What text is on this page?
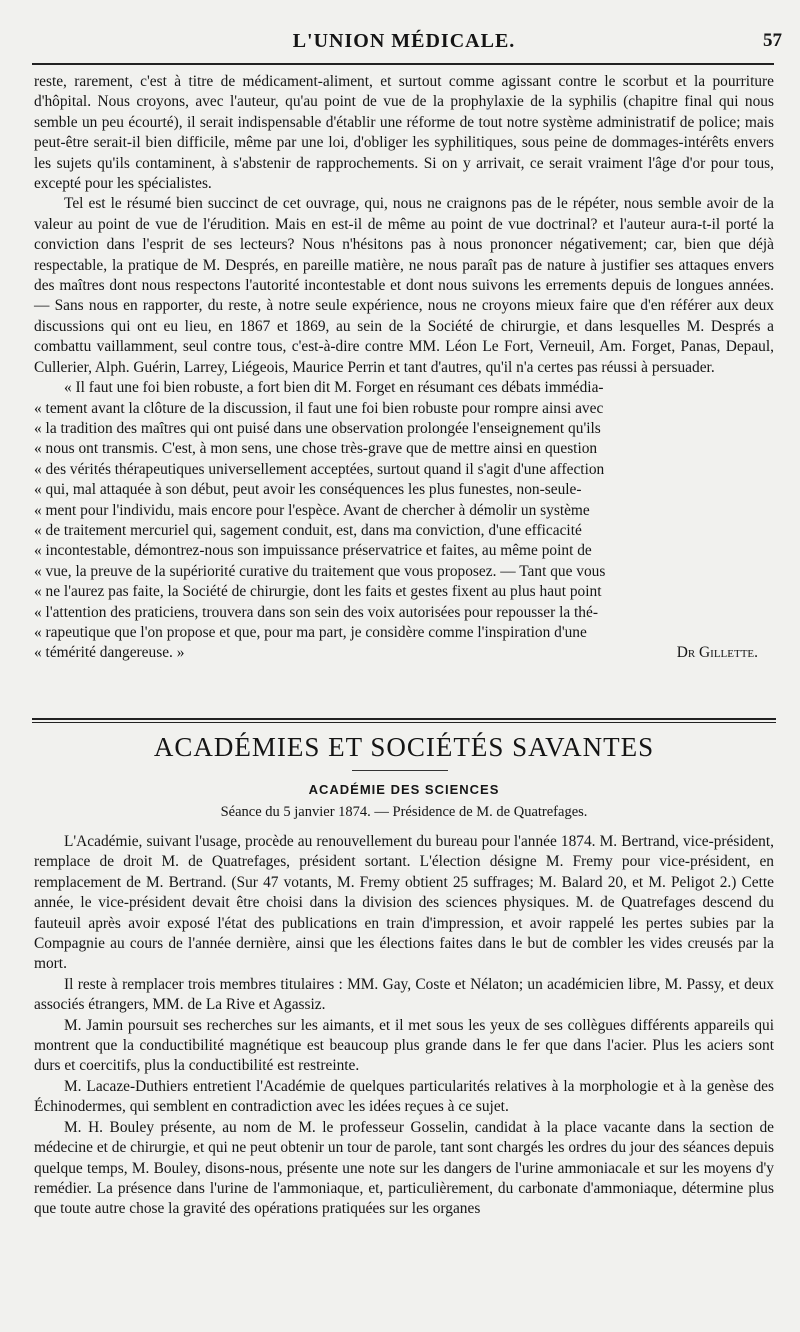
L'UNION MÉDICALE.	57

reste, rarement, c'est à titre de médicament-aliment, et surtout comme agissant contre le scorbut et la pourriture d'hôpital. Nous croyons, avec l'auteur, qu'au point de vue de la prophylaxie de la syphilis (chapitre final qui nous semble un peu écourté), il serait indispensable d'établir une réforme de tout notre système administratif de police; mais peut-être serait-il bien difficile, même par une loi, d'obliger les syphilitiques, sous peine de dommages-intérêts envers les sujets qu'ils contaminent, à s'abstenir de rapprochements. Si on y arrivait, ce serait vraiment l'âge d'or pour tous, excepté pour les spécialistes.

Tel est le résumé bien succinct de cet ouvrage, qui, nous ne craignons pas de le répéter, nous semble avoir de la valeur au point de vue de l'érudition. Mais en est-il de même au point de vue doctrinal? et l'auteur aura-t-il porté la conviction dans l'esprit de ses lecteurs? Nous n'hésitons pas à nous prononcer négativement; car, bien que déjà respectable, la pratique de M. Després, en pareille matière, ne nous paraît pas de nature à justifier ses attaques envers des maîtres dont nous respectons l'autorité incontestable et dont nous suivons les errements depuis de longues années. — Sans nous en rapporter, du reste, à notre seule expérience, nous ne croyons mieux faire que d'en référer aux deux discussions qui ont eu lieu, en 1867 et 1869, au sein de la Société de chirurgie, et dans lesquelles M. Després a combattu vaillamment, seul contre tous, c'est-à-dire contre MM. Léon Le Fort, Verneuil, Am. Forget, Panas, Depaul, Cullerier, Alph. Guérin, Larrey, Liégeois, Maurice Perrin et tant d'autres, qu'il n'a certes pas réussi à persuader.

« Il faut une foi bien robuste, a fort bien dit M. Forget en résumant ces débats immédia-
« tement avant la clôture de la discussion, il faut une foi bien robuste pour rompre ainsi avec
« la tradition des maîtres qui ont puisé dans une observation prolongée l'enseignement qu'ils
« nous ont transmis. C'est, à mon sens, une chose très-grave que de mettre ainsi en question
« des vérités thérapeutiques universellement acceptées, surtout quand il s'agit d'une affection
« qui, mal attaquée à son début, peut avoir les conséquences les plus funestes, non-seule-
« ment pour l'individu, mais encore pour l'espèce. Avant de chercher à démolir un système
« de traitement mercuriel qui, sagement conduit, est, dans ma conviction, d'une efficacité
« incontestable, démontrez-nous son impuissance préservatrice et faites, au même point de
« vue, la preuve de la supériorité curative du traitement que vous proposez. — Tant que vous
« ne l'aurez pas faite, la Société de chirurgie, dont les faits et gestes fixent au plus haut point
« l'attention des praticiens, trouvera dans son sein des voix autorisées pour repousser la thé-
« rapeutique que l'on propose et que, pour ma part, je considère comme l'inspiration d'une
« témérité dangereuse. »	Dr Gillette.
ACADÉMIES ET SOCIÉTÉS SAVANTES
ACADÉMIE DES SCIENCES
Séance du 5 janvier 1874. — Présidence de M. de Quatrefages.

L'Académie, suivant l'usage, procède au renouvellement du bureau pour l'année 1874. M. Bertrand, vice-président, remplace de droit M. de Quatrefages, président sortant. L'élection désigne M. Fremy pour vice-président, en remplacement de M. Bertrand. (Sur 47 votants, M. Fremy obtient 25 suffrages; M. Balard 20, et M. Peligot 2.) Cette année, le vice-président devait être choisi dans la division des sciences physiques. M. de Quatrefages descend du fauteuil après avoir exposé l'état des publications en train d'impression, et avoir rappelé les pertes subies par la Compagnie au cours de l'année dernière, ainsi que les élections faites dans le but de combler les vides creusés par la mort.

Il reste à remplacer trois membres titulaires : MM. Gay, Coste et Nélaton; un académicien libre, M. Passy, et deux associés étrangers, MM. de La Rive et Agassiz.

M. Jamin poursuit ses recherches sur les aimants, et il met sous les yeux de ses collègues différents appareils qui montrent que la conductibilité magnétique est beaucoup plus grande dans le fer que dans l'acier. Plus les aciers sont durs et coercitifs, plus la conductibilité est restreinte.

M. Lacaze-Duthiers entretient l'Académie de quelques particularités relatives à la morphologie et à la genèse des Échinodermes, qui semblent en contradiction avec les idées reçues à ce sujet.

M. H. Bouley présente, au nom de M. le professeur Gosselin, candidat à la place vacante dans la section de médecine et de chirurgie, et qui ne peut obtenir un tour de parole, tant sont chargés les ordres du jour des séances depuis quelque temps, M. Bouley, disons-nous, présente une note sur les dangers de l'urine ammoniacale et sur les moyens d'y remédier. La présence dans l'urine de l'ammoniaque, et, particulièrement, du carbonate d'ammoniaque, détermine plus que toute autre chose la gravité des opérations pratiquées sur les organes
